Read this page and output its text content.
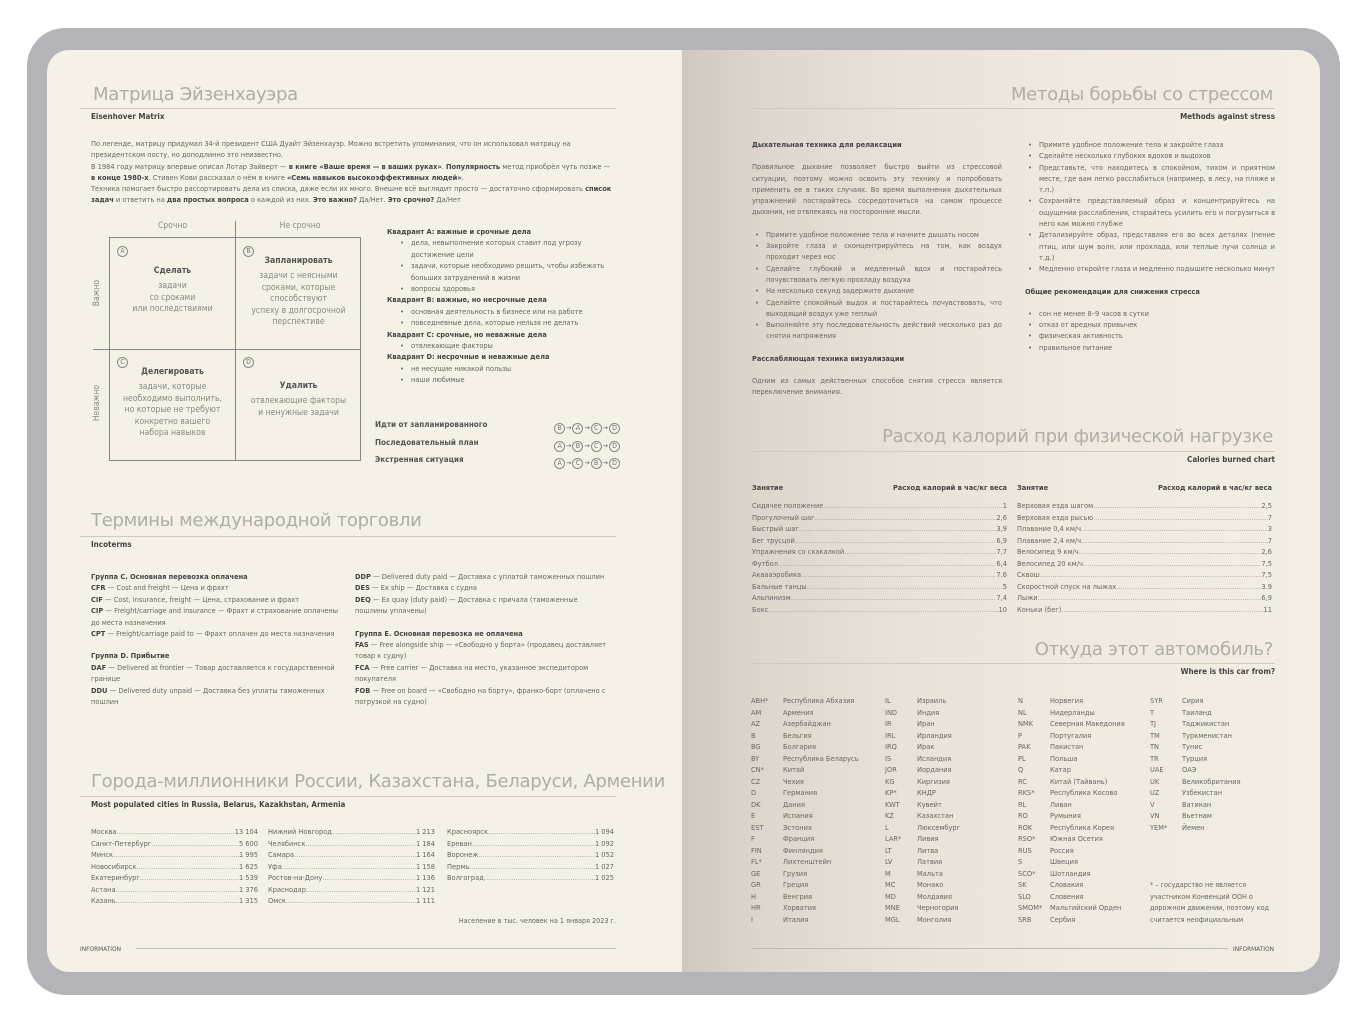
Матрица Эйзенхауэра
Eisenhover Matrix
По легенде, матрицу придумал 34-й президент США Дуайт Эйзенхауэр. Можно встретить упоминания, что он использовал матрицу на президентском посту, но доподлинно это неизвестно.
В 1984 году матрицу впервые описал Лотар Зайверт — в книге «Ваше время — в ваших руках». Популярность метод приобрёл чуть позже — в конце 1980-х. Стивен Кови рассказал о нём в книге «Семь навыков высокоэффективных людей».
Техника помогает быстро рассортировать дела из списка, даже если их много. Внешне всё выглядит просто — достаточно сформировать список задач и ответить на два простых вопроса о каждой из них. Это важно? Да/Нет. Это срочно? Да/Нет
Срочно	Не срочно
Важно
Неважно
A
Сделать
задачи
со сроками
или последствиями
B
Запланировать
задачи с неясными
сроками, которые
способствуют
успеху в долгосрочной
перспективе
C
Делегировать
задачи, которые
необходимо выполнить,
но которые не требуют
конкретно вашего
набора навыков
D
Удалить
отвлекающие факторы
и ненужные задачи
Квадрант A: важные и срочные дела
• дела, невыполнение которых ставит под угрозу достижение цели
• задачи, которые необходимо решить, чтобы избежать больших затруднений в жизни
• вопросы здоровья
Квадрант B: важные, но несрочные дела
• основная деятельность в бизнесе или на работе
• повседневные дела, которые нельзя не делать
Квадрант C: срочные, но неважные дела
• отвлекающие факторы
Квадрант D: несрочные и неважные дела
• не несущие никакой пользы
• наши любимые
Идти от запланированного	B → A → C → D
Последовательный план	A → B → C → D
Экстренная ситуация	A → C → B → D
Термины международной торговли
Incoterms
Группа C. Основная перевозка оплачена
CFR — Cost and freight — Цена и фрахт
CIF — Cost, insurance, freight — Цена, страхование и фрахт
CIP — Freight/carriage and insurance — Фрахт и страхование оплачены до места назначения
CPT — Freight/carriage paid to — Фрахт оплачен до места назначения
Группа D. Прибытие
DAF — Delivered at frontier — Товар доставляется к государственной границе
DDU — Delivered duty unpaid — Доставка без уплаты таможенных пошлин
DDP — Delivered duty paid — Доставка с уплатой таможенных пошлин
DES — Ex ship — Доставка с судна
DEQ — Ex quay (duty paid) — Доставка с причала (таможенные пошлины уплачены)
Группа E. Основная перевозка не оплачена
FAS — Free alongside ship — «Свободно у борта» (продавец доставляет товар к судну)
FCA — Free carrier — Доставка на место, указанное экспедитором покупателя
FOB — Free on board — «Свободно на борту», франко-борт (оплачено с погрузкой на судно)
Города-миллионники России, Казахстана, Беларуси, Армении
Most populated cities in Russia, Belarus, Kazakhstan, Armenia
Москва .....	13 104
Санкт-Петербург .....	5 600
Минск .....	1 995
Новосибирск .....	1 625
Екатеринбург .....	1 539
Астана .....	1 376
Казань .....	1 315
Нижний Новгород .....	1 213
Челябинск .....	1 184
Самара .....	1 164
Уфа .....	1 158
Ростов-на-Дону .....	1 136
Краснодар .....	1 121
Омск .....	1 111
Красноярск .....	1 094
Ереван .....	1 092
Воронеж .....	1 052
Пермь .....	1 027
Волгоград .....	1 025
Население в тыс. человек на 1 января 2023 г.
INFORMATION
Методы борьбы со стрессом
Methods against stress
Дыхательная техника для релаксации
Правильное дыхание позволяет быстро выйти из стрессовой ситуации, поэтому можно освоить эту технику и попробовать применить ее в таких случаях. Во время выполнения дыхательных упражнений постарайтесь сосредоточиться на самом процессе дыхания, не отвлекаясь на посторонние мысли.
• Примите удобное положение тела и начните дышать носом
• Закройте глаза и сконцентрируйтесь на том, как воздух проходит через нос
• Сделайте глубокий и медленный вдох и постарайтесь почувствовать легкую прохладу воздуха
• На несколько секунд задержите дыхание
• Сделайте спокойный выдох и постарайтесь почувствовать, что выходящий воздух уже теплый
• Выполняйте эту последовательность действий несколько раз до снятия напряжения
Расслабляющая техника визуализации
Одним из самых действенных способов снятия стресса является переключение внимания.
• Примите удобное положение тела и закройте глаза
• Сделайте несколько глубоких вдохов и выдохов
• Представьте, что находитесь в спокойном, тихом и приятном месте, где вам легко расслабиться (например, в лесу, на пляже и т.п.)
• Сохраняйте представляемый образ и концентрируйтесь на ощущении расслабления, старайтесь усилить его и погрузиться в него как можно глубже
• Детализируйте образ, представляя его во всех деталях (пение птиц, или шум волн, или прохлада, или теплые лучи солнца и т.д.)
• Медленно откройте глаза и медленно подышите несколько минут
Общие рекомендации для снижения стресса
• сон не менее 8–9 часов в сутки
• отказ от вредных привычек
• физическая активность
• правильное питание
Расход калорий при физической нагрузке
Calories burned chart
Занятие	Расход калорий в час/кг веса Занятие	Расход калорий в час/кг веса
Сидячее положение .....	1
Прогулочный шаг .....	2,6
Быстрый шаг .....	3,9
Бег трусцой .....	6,9
Упражнения со скакалкой .....	7,7
Футбол .....	6,4
Аквааэробика .....	7.6
Бальные танцы .....	5
Альпинизм .....	7,4
Бокс .....	10
Верховая езда шагом .....	2,5
Верховая езда рысью .....	7
Плавание 0,4 км/ч .....	3
Плавание 2,4 км/ч .....	7
Велосипед 9 км/ч .....	2,6
Велосипед 20 км/ч .....	7,5
Сквош .....	7,5
Скоростной спуск на лыжах .....	3.9
Лыжи .....	6,9
Коньки (бег) .....	11
Откуда этот автомобиль?
Where is this car from?
ABH*	Республика Абхазия
AM	Армения
AZ	Азербайджан
B	Бельгия
BG	Болгария
BY	Республика Беларусь
CN*	Китай
CZ	Чехия
D	Германия
DK	Дания
E	Испания
EST	Эстония
F	Франция
FIN	Финляндия
FL*	Лихтенштейн
GE	Грузия
GR	Греция
H	Венгрия
HR	Хорватия
I	Италия
IL	Израиль
IND	Индия
IR	Иран
IRL	Ирландия
IRQ	Ирак
IS	Исландия
JOR	Иордания
KG	Киргизия
KP*	КНДР
KWT	Кувейт
KZ	Казахстан
L	Люксембург
LAR*	Ливия
LT	Литва
LV	Латвия
M	Мальта
MC	Монако
MD	Молдавия
MNE	Черногория
MGL	Монголия
N	Норвегия
NL	Нидерланды
NMK	Северная Македония
P	Португалия
PAK	Пакистан
PL	Польша
Q	Катар
RC	Китай (Тайвань)
RKS*	Республика Косово
RL	Ливан
RO	Румыния
ROK	Республика Корея
RSO*	Южная Осетия
RUS	Россия
S	Швеция
SCO*	Шотландия
SK	Словакия
SLO	Словения
SMOM*	Мальтийский Орден
SRB	Сербия
SYR	Сирия
T	Таиланд
TJ	Таджикистан
TM	Туркменистан
TN	Тунис
TR	Турция
UAE	ОАЭ
UK	Великобритания
UZ	Узбекистан
V	Ватикан
VN	Вьетнам
YEM*	Йемен
* – государство не является участником Конвенций ООН о дорожном движении, поэтому код считается неофициальным
INFORMATION
